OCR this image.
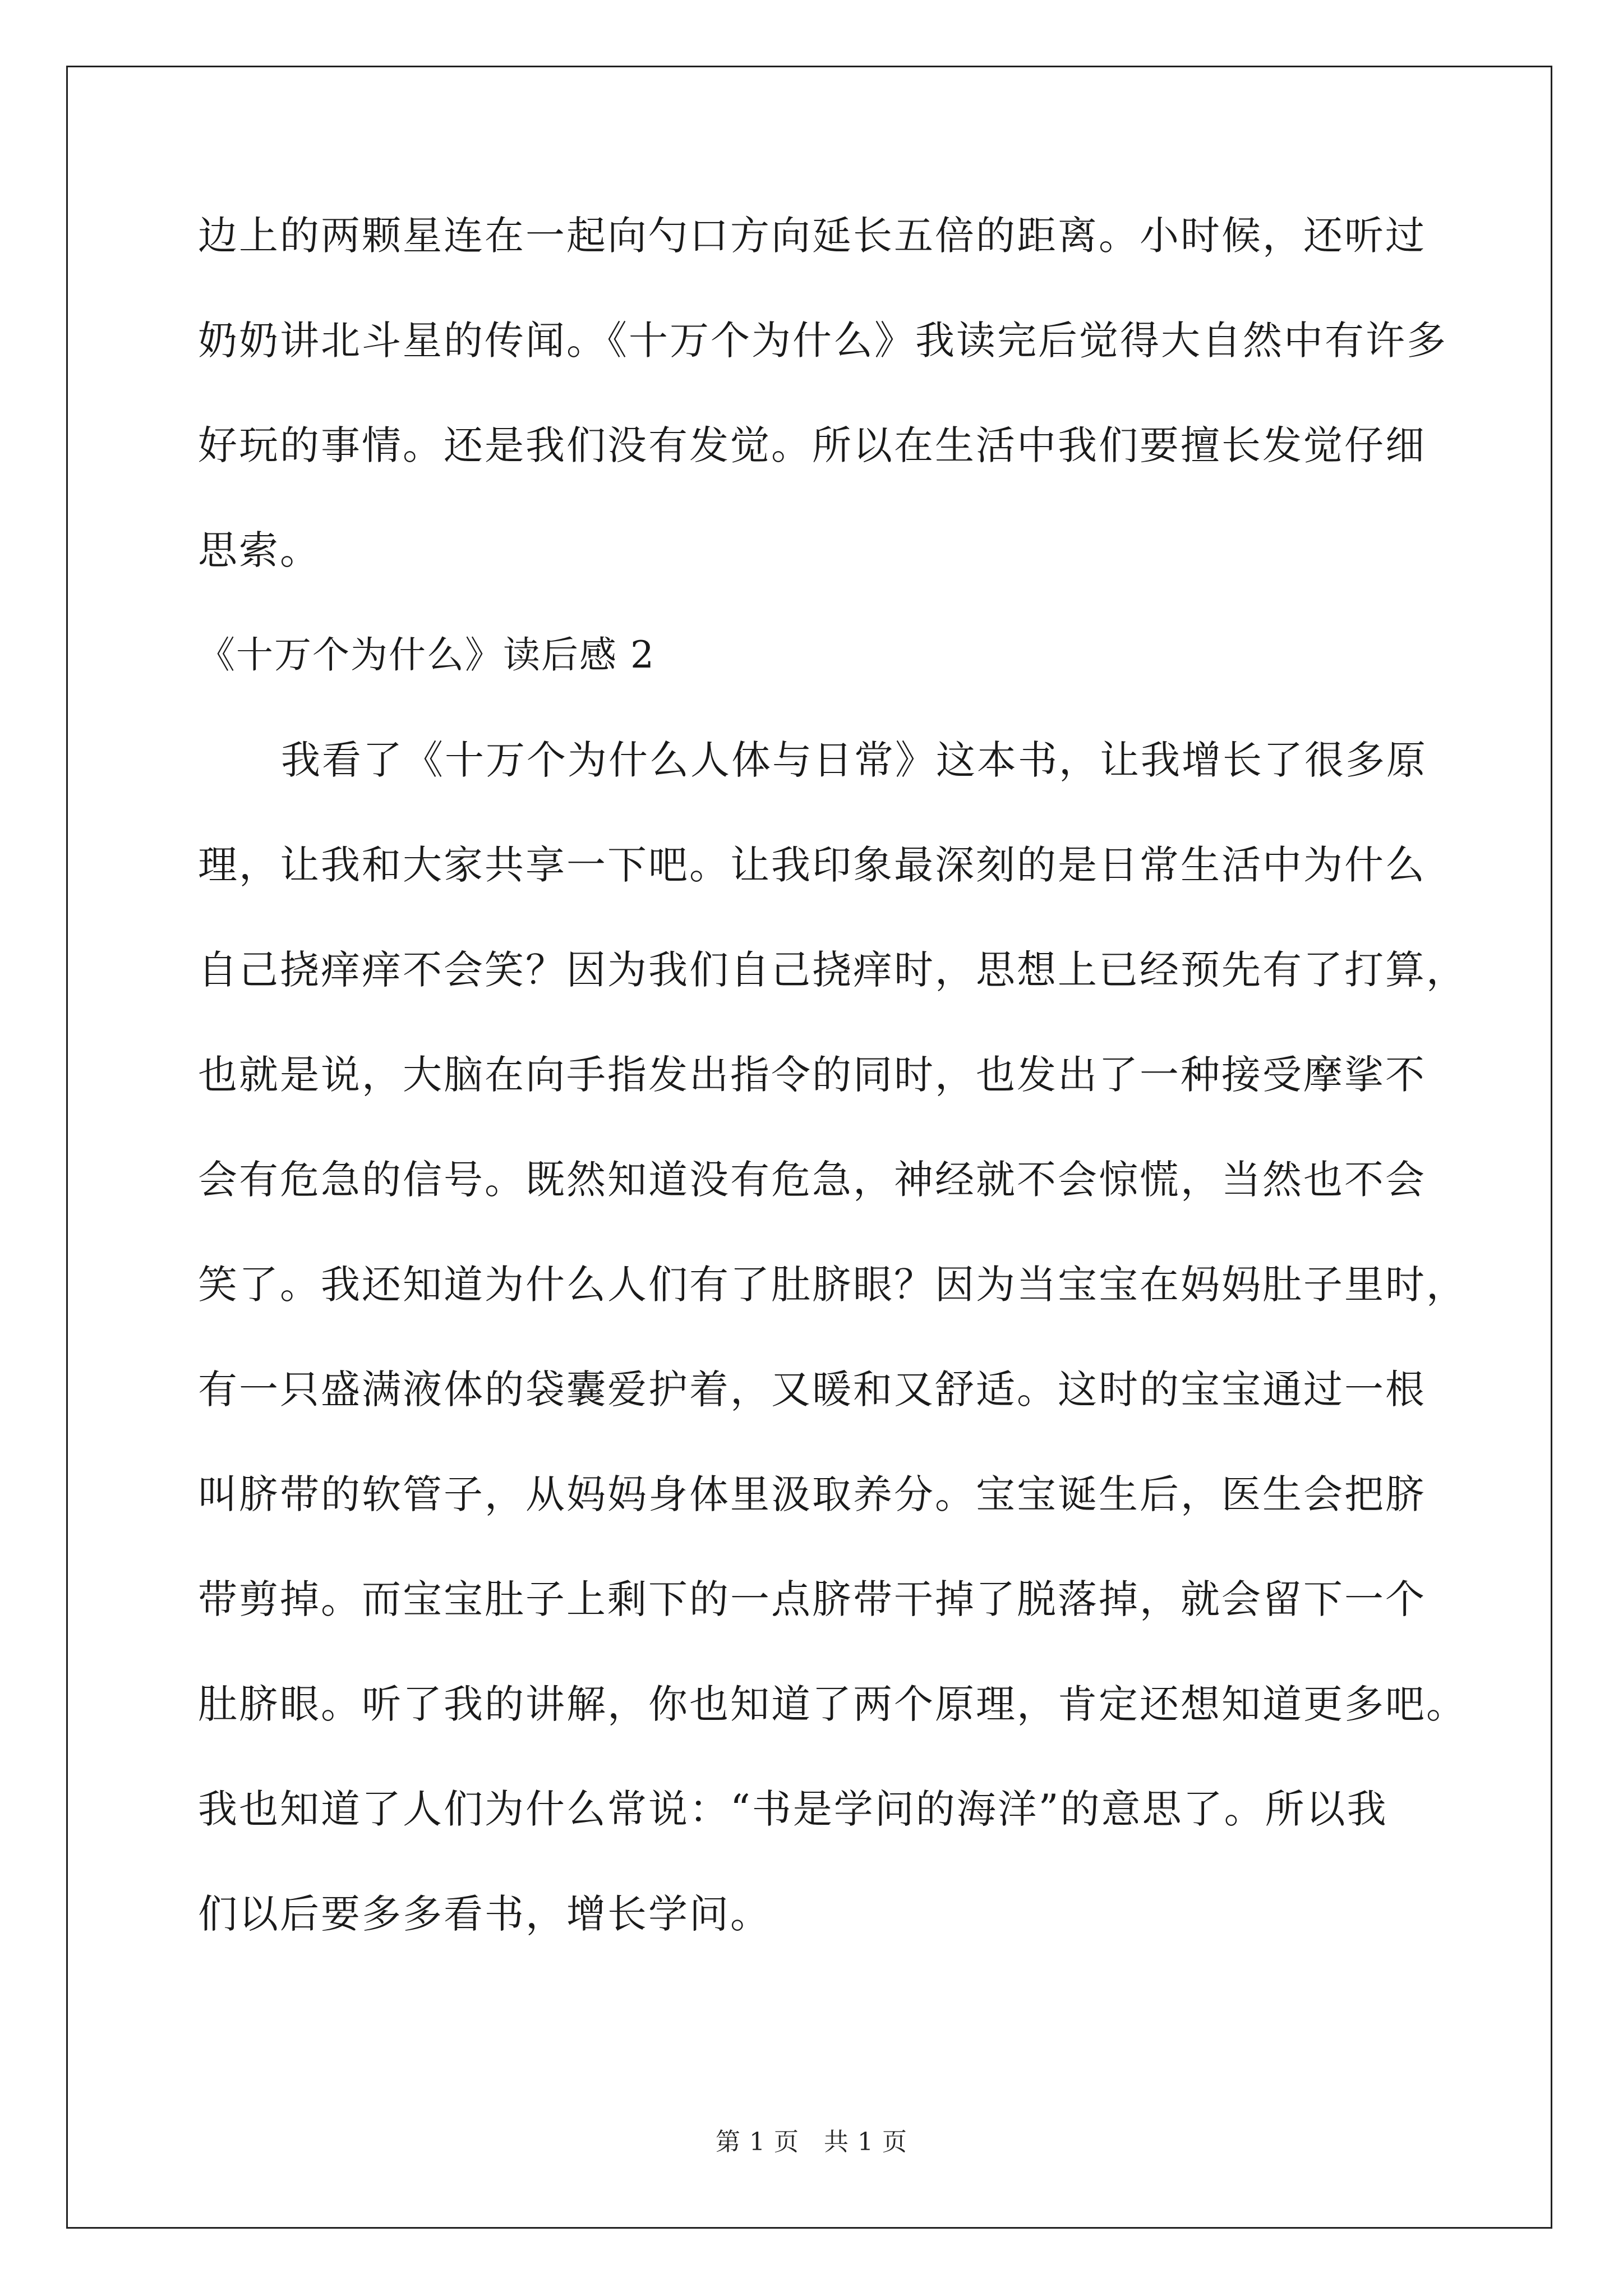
边上的两颗星连在一起向勺口方向延长五倍的距离。小时候，还听过

奶奶讲北斗星的传闻。《十万个为什么》我读完后觉得大自然中有许多

好玩的事情。还是我们没有发觉。所以在生活中我们要擅长发觉仔细

思索。

《十万个为什么》读后感 2

我看了《十万个为什么人体与日常》这本书，让我增长了很多原

理，让我和大家共享一下吧。让我印象最深刻的是日常生活中为什么

自己挠痒痒不会笑？因为我们自己挠痒时，思想上已经预先有了打算，

也就是说，大脑在向手指发出指令的同时，也发出了一种接受摩挲不

会有危急的信号。既然知道没有危急，神经就不会惊慌，当然也不会

笑了。我还知道为什么人们有了肚脐眼？因为当宝宝在妈妈肚子里时，

有一只盛满液体的袋囊爱护着，又暖和又舒适。这时的宝宝通过一根

叫脐带的软管子，从妈妈身体里汲取养分。宝宝诞生后，医生会把脐

带剪掉。而宝宝肚子上剩下的一点脐带干掉了脱落掉，就会留下一个

肚脐眼。听了我的讲解，你也知道了两个原理，肯定还想知道更多吧。

我也知道了人们为什么常说：“书是学问的海洋”的意思了。所以我

们以后要多多看书，增长学问。

第 1 页 共 1 页
